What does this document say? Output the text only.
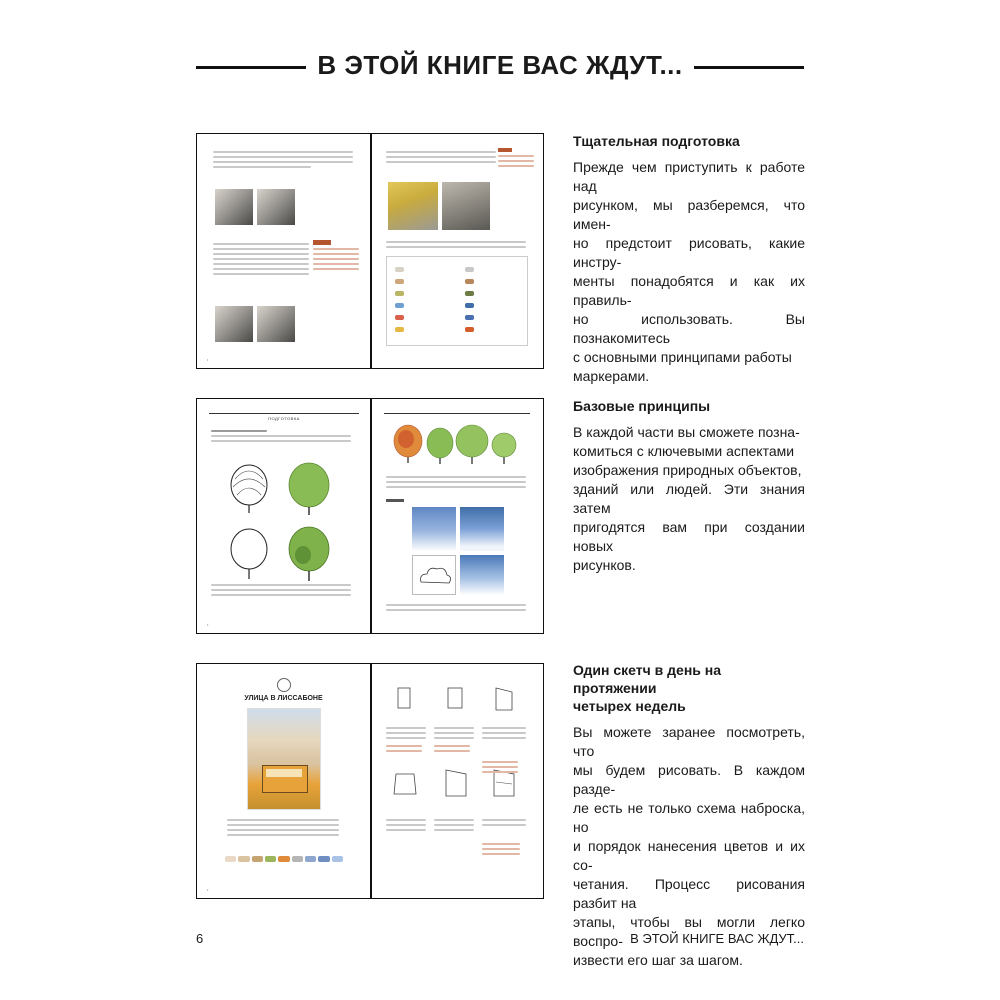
В ЭТОЙ КНИГЕ ВАС ЖДУТ...
•
ПОДГОТОВКА
•
УЛИЦА В ЛИССАБОНЕ
•
Тщательная подготовка

Прежде чем приступить к работе над
рисунком, мы разберемся, что имен-
но предстоит рисовать, какие инстру-
менты понадобятся и как их правиль-
но использовать. Вы познакомитесь
с основными принципами работы
маркерами.

Базовые принципы

В каждой части вы сможете позна-
комиться с ключевыми аспектами
изображения природных объектов,
зданий или людей. Эти знания затем
пригодятся вам при создании новых
рисунков.

Один скетч в день на протяжении
четырех недель

Вы можете заранее посмотреть, что
мы будем рисовать. В каждом разде-
ле есть не только схема наброска, но
и порядок нанесения цветов и их со-
четания. Процесс рисования разбит на
этапы, чтобы вы могли легко воспро-
извести его шаг за шагом.

6	В ЭТОЙ КНИГЕ ВАС ЖДУТ...
